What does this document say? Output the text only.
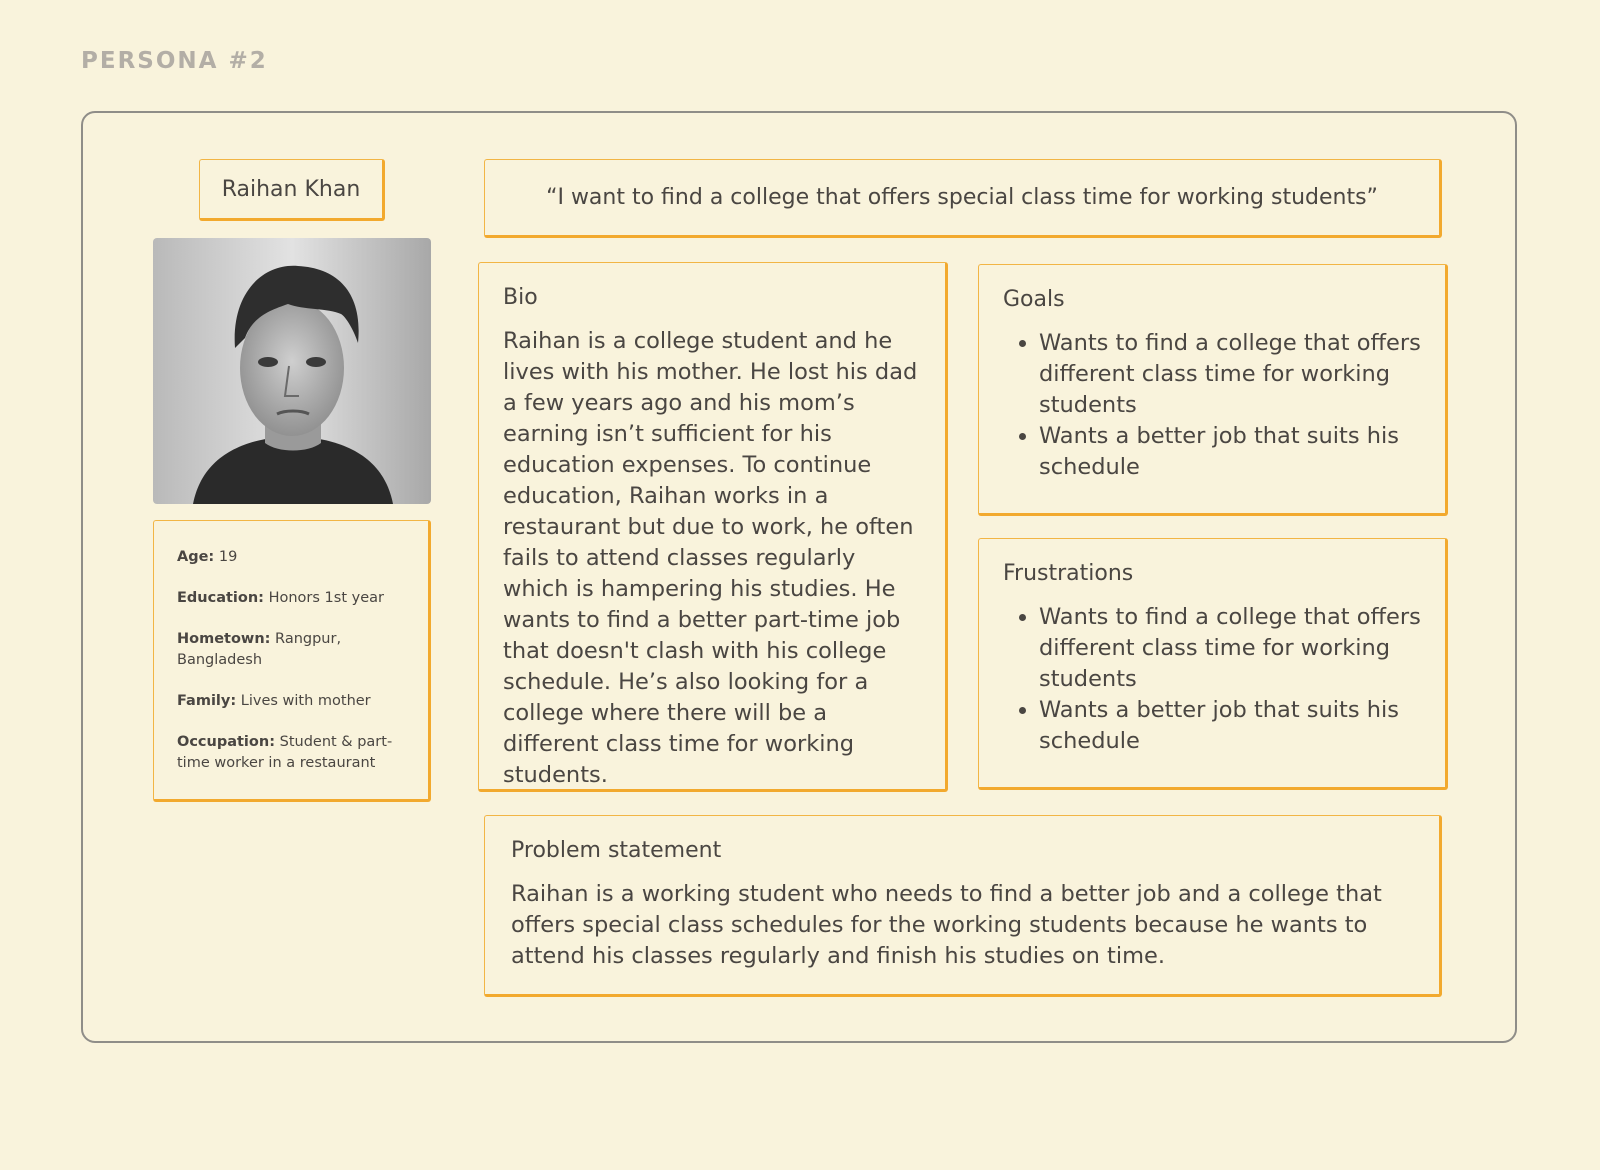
PERSONA #2
Raihan Khan
Age: 19
Education: Honors 1st year
Hometown: Rangpur, Bangladesh
Family: Lives with mother
Occupation: Student & part-time worker in a restaurant
“I want to find a college that offers special class time for working students”
Bio

Raihan is a college student and he lives with his mother. He lost his dad a few years ago and his mom’s earning isn’t sufficient for his education expenses. To continue education, Raihan works in a restaurant but due to work, he often fails to attend classes regularly which is hampering his studies. He wants to find a better part-time job that doesn't clash with his college schedule. He’s also looking for a college where there will be a different class time for working students.

Goals
• Wants to find a college that offers different class time for working students
• Wants a better job that suits his schedule
Frustrations
• Wants to find a college that offers different class time for working students
• Wants a better job that suits his schedule
Problem statement

Raihan is a working student who needs to find a better job and a college that offers special class schedules for the working students because he wants to attend his classes regularly and finish his studies on time.
